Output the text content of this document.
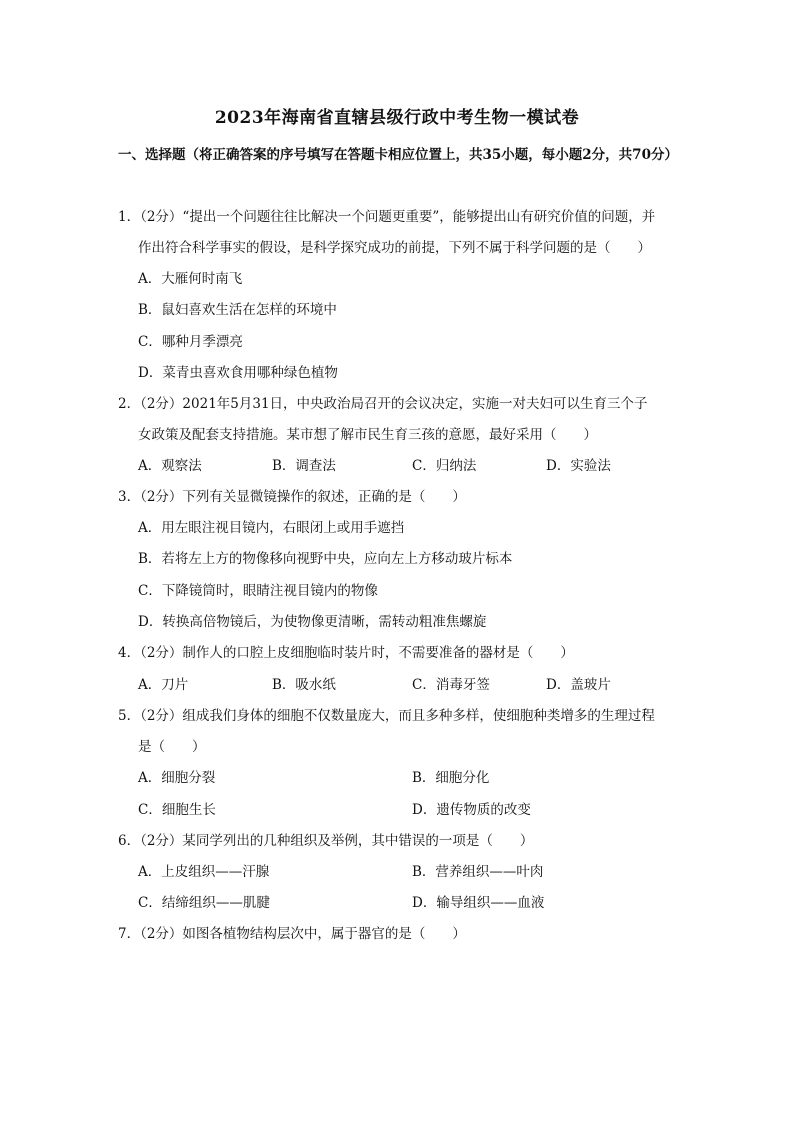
2023年海南省直辖县级行政中考生物一模试卷
一、选择题（将正确答案的序号填写在答题卡相应位置上，共35小题，每小题2分，共70分）
1．（2分）“提出一个问题往往比解决一个问题更重要”，能够提出山有研究价值的问题，并
作出符合科学事实的假设，是科学探究成功的前提，下列不属于科学问题的是（　　）
A．大雁何时南飞
B．鼠妇喜欢生活在怎样的环境中
C．哪种月季漂亮
D．菜青虫喜欢食用哪种绿色植物
2．（2分）2021年5月31日，中央政治局召开的会议决定，实施一对夫妇可以生育三个子
女政策及配套支持措施。某市想了解市民生育三孩的意愿，最好采用（　　）
A．观察法	B．调查法	C．归纳法	D．实验法
3．（2分）下列有关显微镜操作的叙述，正确的是（　　）
A．用左眼注视目镜内，右眼闭上或用手遮挡
B．若将左上方的物像移向视野中央，应向左上方移动玻片标本
C．下降镜筒时，眼睛注视目镜内的物像
D．转换高倍物镜后，为使物像更清晰，需转动粗准焦螺旋
4．（2分）制作人的口腔上皮细胞临时装片时，不需要准备的器材是（　　）
A．刀片	B．吸水纸	C．消毒牙签	D．盖玻片
5．（2分）组成我们身体的细胞不仅数量庞大，而且多种多样，使细胞种类增多的生理过程
是（　　）
A．细胞分裂	B．细胞分化
C．细胞生长	D．遗传物质的改变
6．（2分）某同学列出的几种组织及举例，其中错误的一项是（　　）
A．上皮组织——汗腺	B．营养组织——叶肉
C．结缔组织——肌腱	D．输导组织——血液
7．（2分）如图各植物结构层次中，属于器官的是（　　）
